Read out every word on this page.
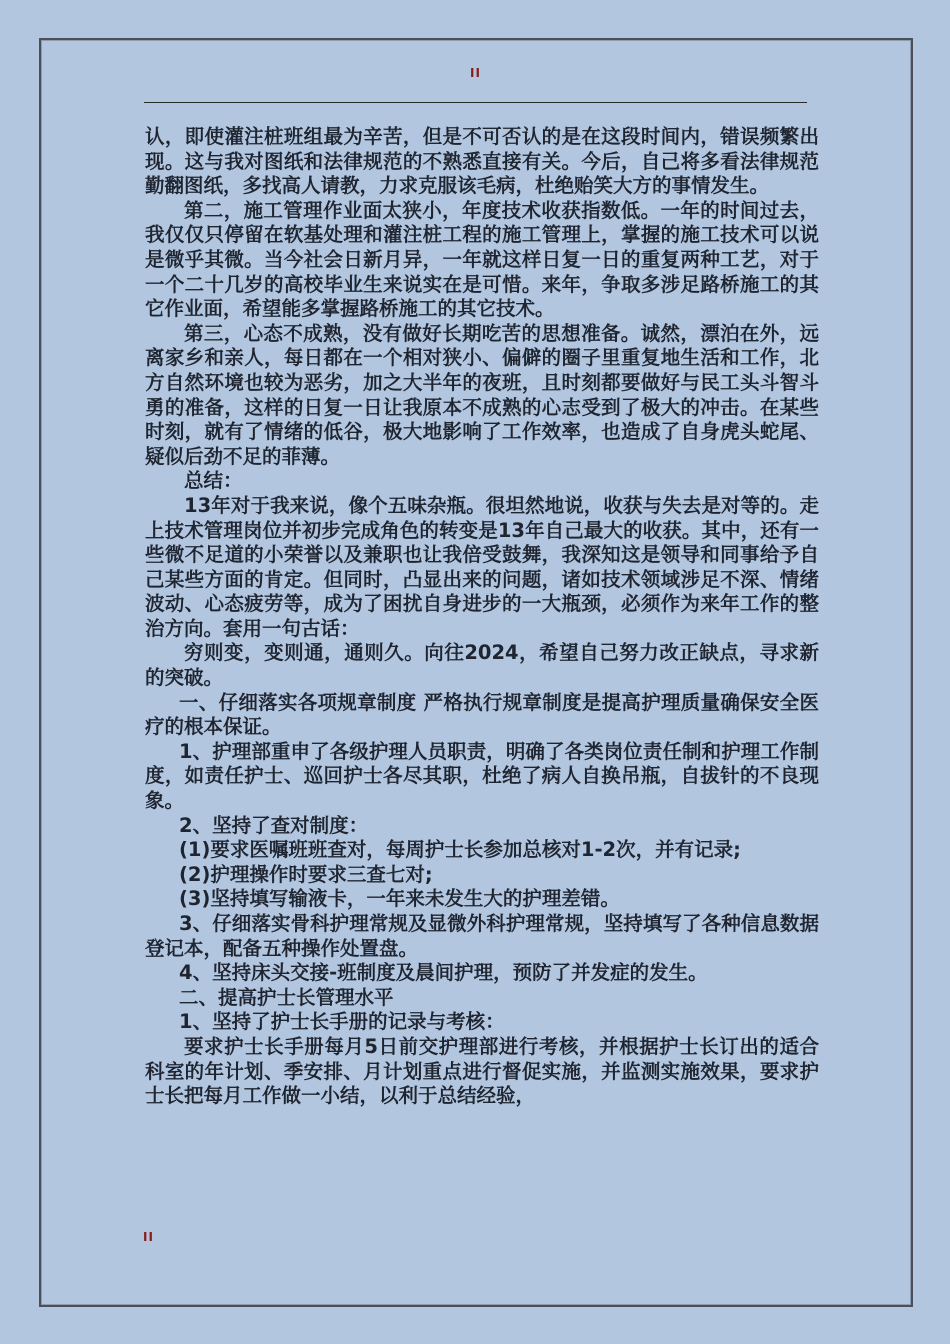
II

认，即使灌注桩班组最为辛苦，但是不可否认的是在这段时间内，错误频繁出现。这与我对图纸和法律规范的不熟悉直接有关。今后，自己将多看法律规范勤翻图纸，多找高人请教，力求克服该毛病，杜绝贻笑大方的事情发生。

第二，施工管理作业面太狭小，年度技术收获指数低。一年的时间过去，我仅仅只停留在软基处理和灌注桩工程的施工管理上，掌握的施工技术可以说是微乎其微。当今社会日新月异，一年就这样日复一日的重复两种工艺，对于一个二十几岁的高校毕业生来说实在是可惜。来年，争取多涉足路桥施工的其它作业面，希望能多掌握路桥施工的其它技术。

第三，心态不成熟，没有做好长期吃苦的思想准备。诚然，漂泊在外，远离家乡和亲人，每日都在一个相对狭小、偏僻的圈子里重复地生活和工作，北方自然环境也较为恶劣，加之大半年的夜班，且时刻都要做好与民工头斗智斗勇的准备，这样的日复一日让我原本不成熟的心志受到了极大的冲击。在某些时刻，就有了情绪的低谷，极大地影响了工作效率，也造成了自身虎头蛇尾、疑似后劲不足的菲薄。

总结：

13年对于我来说，像个五味杂瓶。很坦然地说，收获与失去是对等的。走上技术管理岗位并初步完成角色的转变是13年自己最大的收获。其中，还有一些微不足道的小荣誉以及兼职也让我倍受鼓舞，我深知这是领导和同事给予自己某些方面的肯定。但同时，凸显出来的问题，诸如技术领域涉足不深、情绪波动、心态疲劳等，成为了困扰自身进步的一大瓶颈，必须作为来年工作的整治方向。套用一句古话：

穷则变，变则通，通则久。向往2024，希望自己努力改正缺点，寻求新的突破。

一、仔细落实各项规章制度 严格执行规章制度是提高护理质量确保安全医疗的根本保证。

1、护理部重申了各级护理人员职责，明确了各类岗位责任制和护理工作制度，如责任护士、巡回护士各尽其职，杜绝了病人自换吊瓶，自拔针的不良现象。

2、坚持了查对制度：

(1)要求医嘱班班查对，每周护士长参加总核对1-2次，并有记录;

(2)护理操作时要求三查七对;

(3)坚持填写输液卡，一年来未发生大的护理差错。

3、仔细落实骨科护理常规及显微外科护理常规，坚持填写了各种信息数据登记本，配备五种操作处置盘。

4、坚持床头交接-班制度及晨间护理，预防了并发症的发生。

二、提高护士长管理水平

1、坚持了护士长手册的记录与考核：

要求护士长手册每月5日前交护理部进行考核，并根据护士长订出的适合科室的年计划、季安排、月计划重点进行督促实施，并监测实施效果，要求护士长把每月工作做一小结，以利于总结经验，

II
